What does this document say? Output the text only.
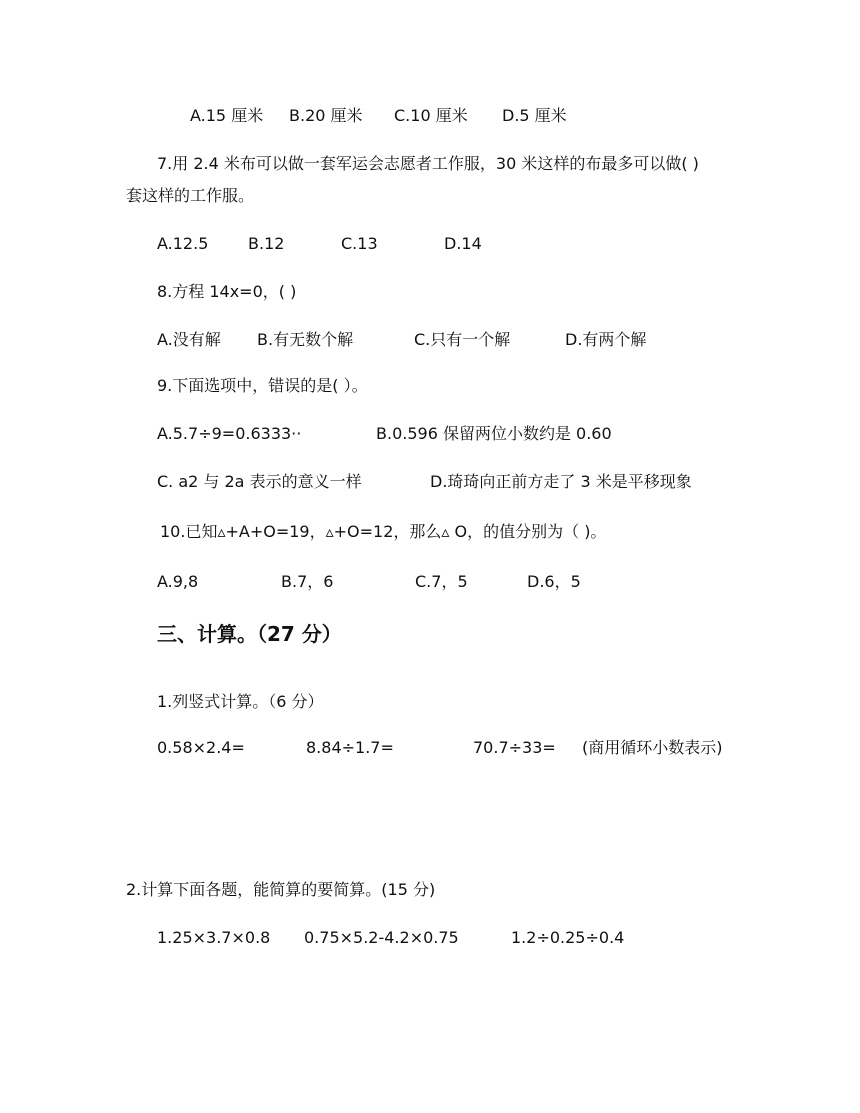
A.15 厘米 B.20 厘米 C.10 厘米 D.5 厘米
7.用 2.4 米布可以做一套军运会志愿者工作服，30 米这样的布最多可以做( )
套这样的工作服。
A.12.5 B.12	C.13	D.14
8.方程 14x=0，( )
A.没有解 B.有无数个解	C.只有一个解	D.有两个解
9.下面选项中，错误的是( ）。
A.5.7÷9=0.6333··	B.0.596 保留两位小数约是 0.60
C. a2 与 2a 表示的意义一样	D.琦琦向正前方走了 3 米是平移现象
10.已知▵+A+O=19，▵+O=12，那么▵ O，的值分别为（ )。
A.9,8	B.7，6	C.7，5	D.6，5
三、计算。（27 分）
1.列竖式计算。（6 分）
0.58×2.4=	8.84÷1.7=	70.7÷33= (商用循环小数表示)
2.计算下面各题，能简算的要简算。(15 分)
1.25×3.7×0.8 0.75×5.2-4.2×0.75	1.2÷0.25÷0.4
